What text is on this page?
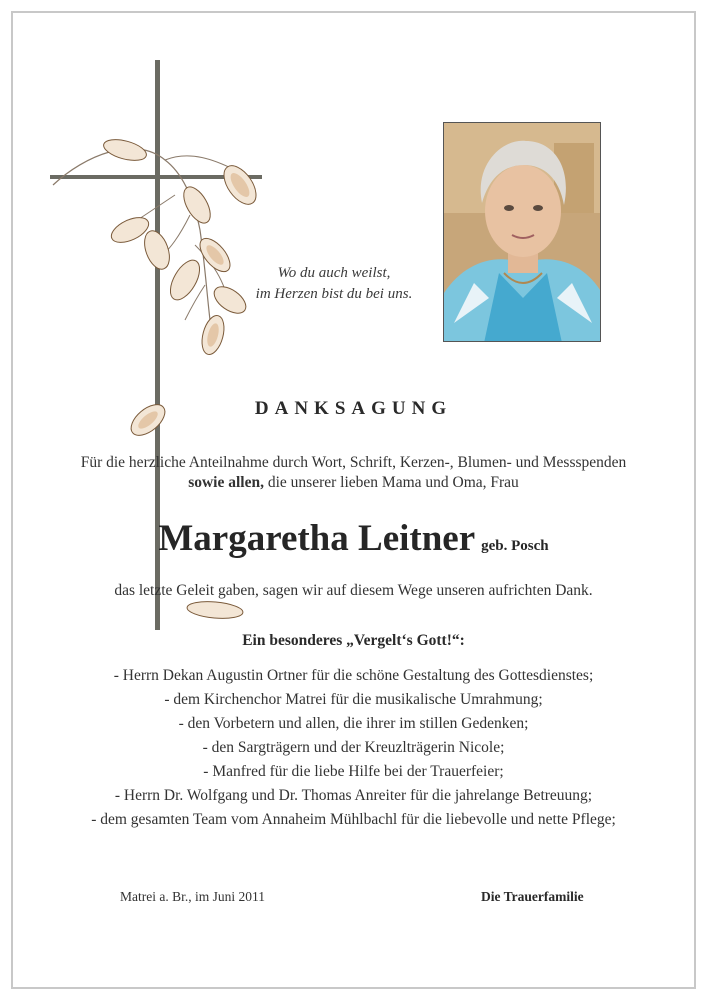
Wo du auch weilst,
im Herzen bist du bei uns.
DANKSAGUNG
Für die herzliche Anteilnahme durch Wort, Schrift, Kerzen-, Blumen- und Messspenden sowie allen, die unserer lieben Mama und Oma, Frau
Margaretha Leitner geb. Posch
das letzte Geleit gaben, sagen wir auf diesem Wege unseren aufrichten Dank.
Ein besonderes „Vergelt‘s Gott!“:
- Herrn Dekan Augustin Ortner für die schöne Gestaltung des Gottesdienstes;
- dem Kirchenchor Matrei für die musikalische Umrahmung;
- den Vorbetern und allen, die ihrer im stillen Gedenken;
- den Sargträgern und der Kreuzlträgerin Nicole;
- Manfred für die liebe Hilfe bei der Trauerfeier;
- Herrn Dr. Wolfgang und Dr. Thomas Anreiter für die jahrelange Betreuung;
- dem gesamten Team vom Annaheim Mühlbachl für die liebevolle und nette Pflege;
Matrei a. Br., im Juni 2011	Die Trauerfamilie
